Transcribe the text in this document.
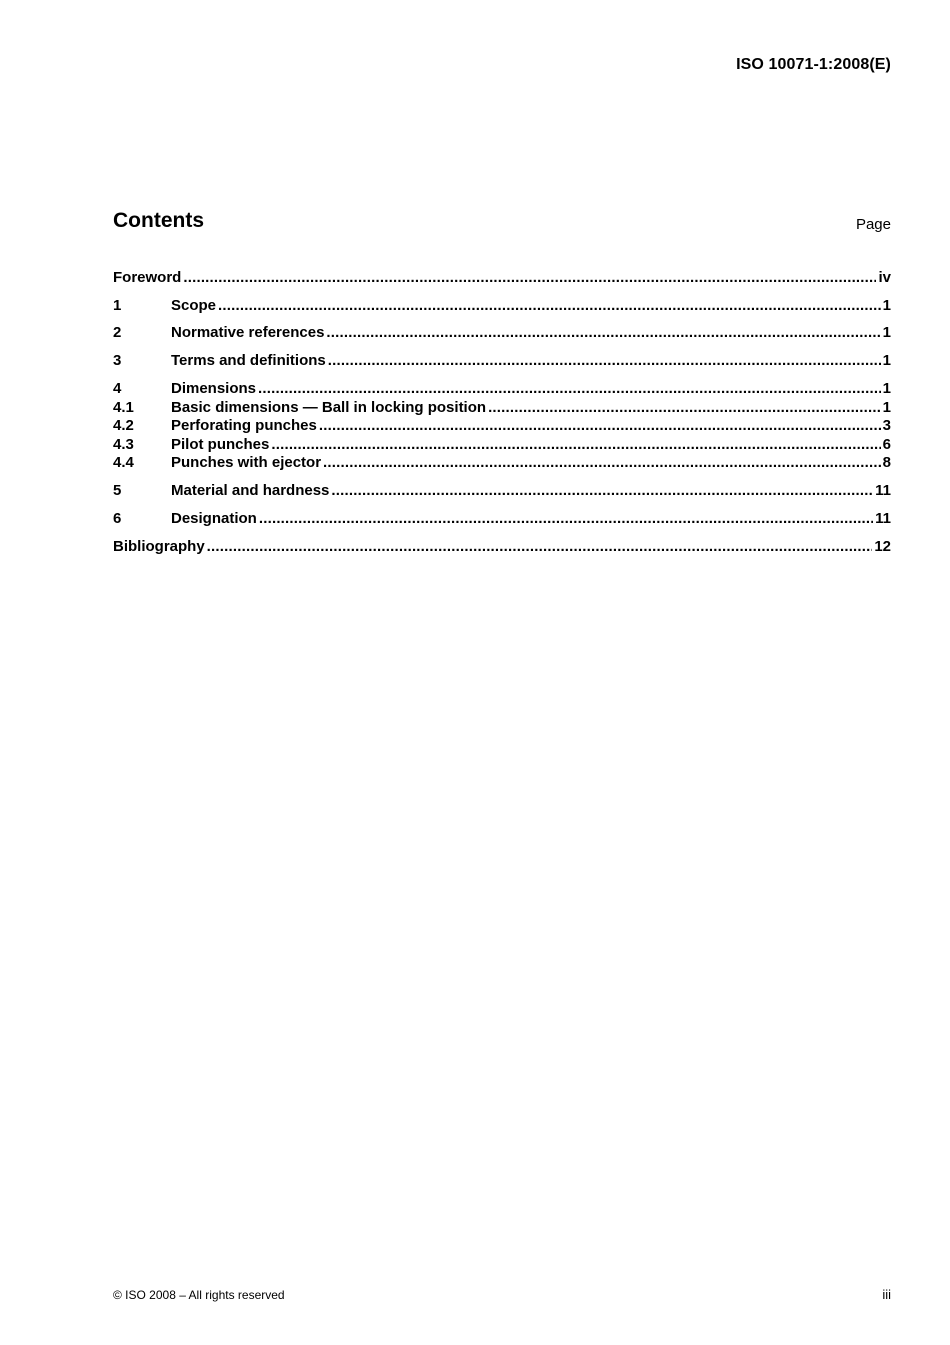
ISO 10071-1:2008(E)
Contents	Page
Foreword .....	iv
1	Scope .....	1
2	Normative references .....	1
3	Terms and definitions .....	1
4	Dimensions .....	1
4.1	Basic dimensions — Ball in locking position .....	1
4.2	Perforating punches .....	3
4.3	Pilot punches .....	6
4.4	Punches with ejector .....	8
5	Material and hardness .....	11
6	Designation .....	11
Bibliography .....	12
© ISO 2008 – All rights reserved	iii
